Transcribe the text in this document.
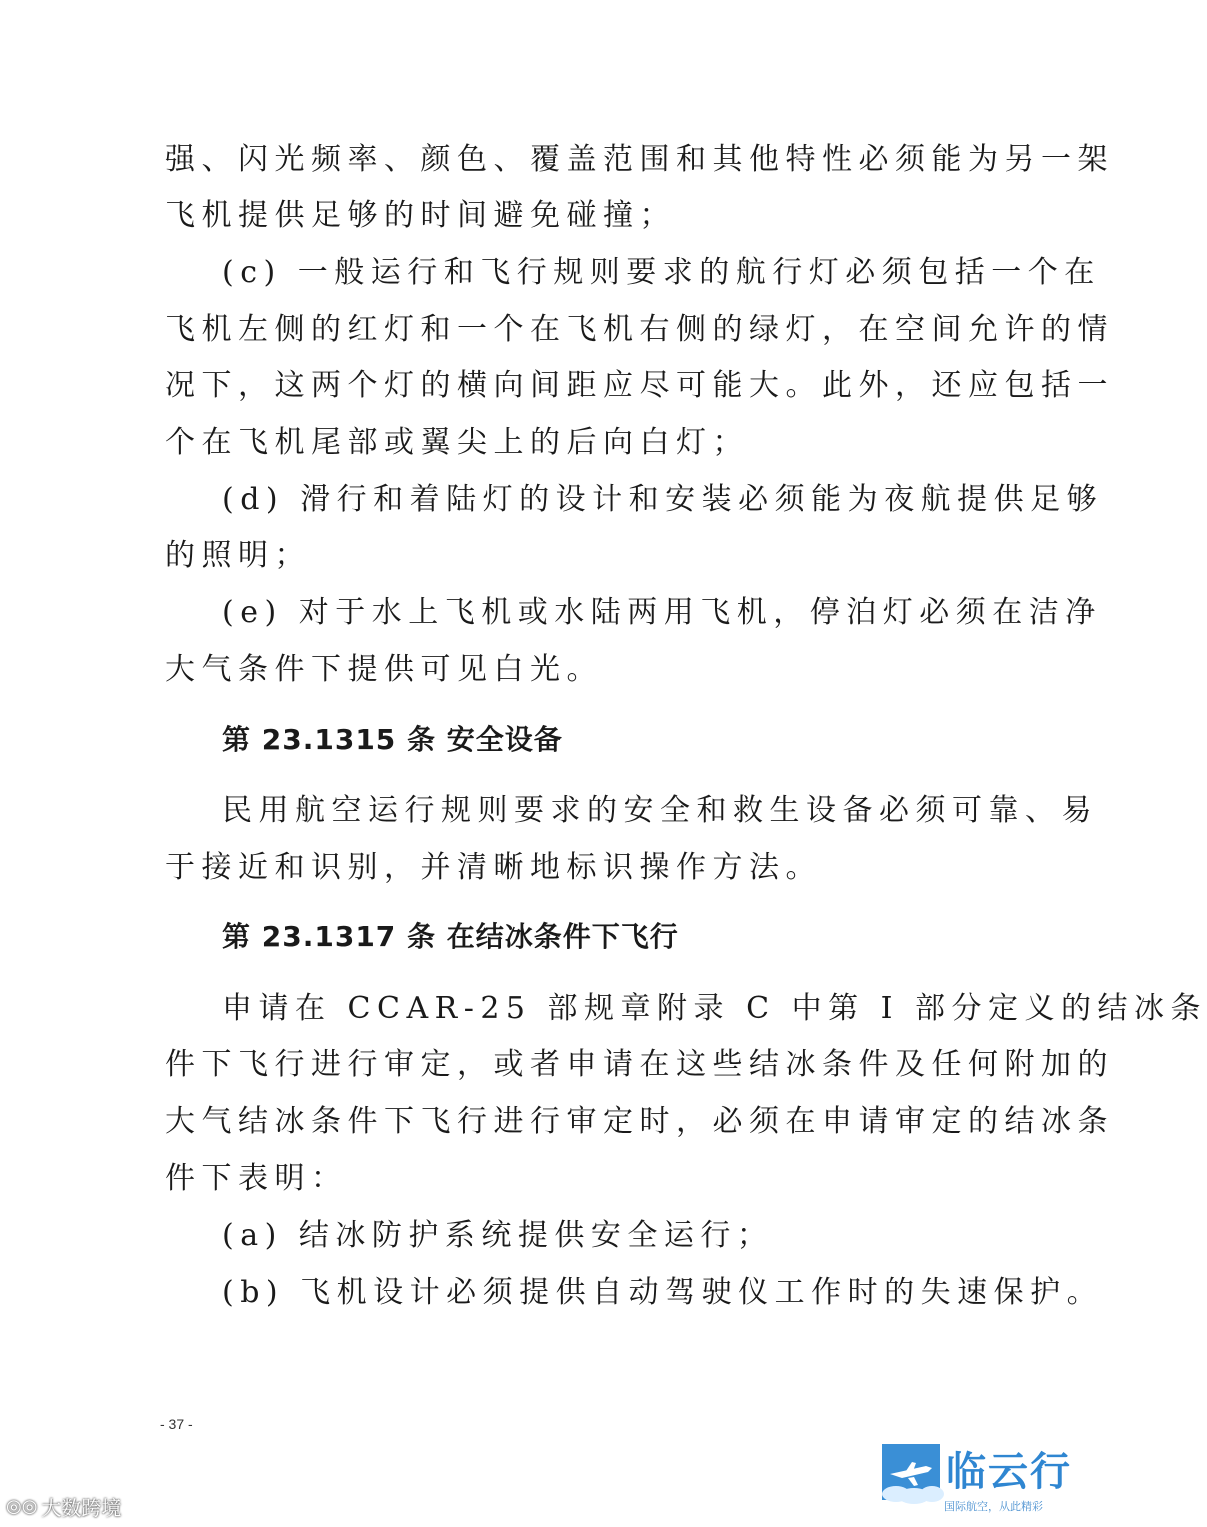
强、闪光频率、颜色、覆盖范围和其他特性必须能为另一架
飞机提供足够的时间避免碰撞；
(c) 一般运行和飞行规则要求的航行灯必须包括一个在
飞机左侧的红灯和一个在飞机右侧的绿灯，在空间允许的情
况下，这两个灯的横向间距应尽可能大。此外，还应包括一
个在飞机尾部或翼尖上的后向白灯；
(d) 滑行和着陆灯的设计和安装必须能为夜航提供足够
的照明；
(e) 对于水上飞机或水陆两用飞机，停泊灯必须在洁净
大气条件下提供可见白光。
第 23.1315 条 安全设备
民用航空运行规则要求的安全和救生设备必须可靠、易
于接近和识别，并清晰地标识操作方法。
第 23.1317 条 在结冰条件下飞行
申请在 CCAR-25 部规章附录 C 中第 I 部分定义的结冰条
件下飞行进行审定，或者申请在这些结冰条件及任何附加的
大气结冰条件下飞行进行审定时，必须在申请审定的结冰条
件下表明：
(a) 结冰防护系统提供安全运行；
(b) 飞机设计必须提供自动驾驶仪工作时的失速保护。
- 37 -
◎◎ 大数跨境
临云行
国际航空，从此精彩
